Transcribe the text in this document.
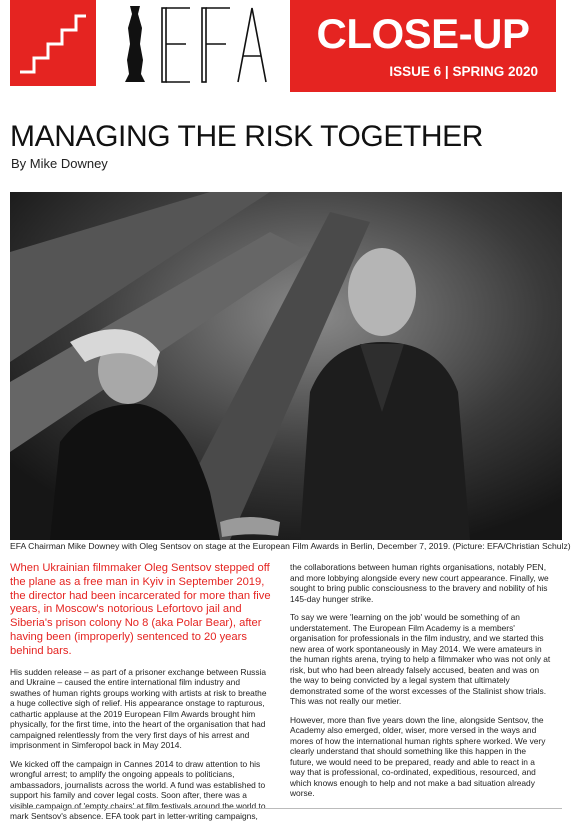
CLOSE-UP
ISSUE 6 | SPRING 2020
MANAGING THE RISK TOGETHER
By Mike Downey
EFA Chairman Mike Downey with Oleg Sentsov on stage at the European Film Awards in Berlin, December 7, 2019. (Picture: EFA/Christian Schulz)

When Ukrainian filmmaker Oleg Sentsov stepped off the plane as a free man in Kyiv in September 2019, the director had been incarcerated for more than five years, in Moscow's notorious Lefortovo jail and Siberia's prison colony No 8 (aka Polar Bear), after having been (improperly) sentenced to 20 years behind bars.

His sudden release – as part of a prisoner exchange between Russia and Ukraine – caused the entire international film industry and swathes of human rights groups working with artists at risk to breathe a huge collective sigh of relief. His appearance onstage to rapturous, cathartic applause at the 2019 European Film Awards brought him physically, for the first time, into the heart of the organisation that had campaigned relentlessly from the very first days of his arrest and imprisonment in Simferopol back in May 2014.

We kicked off the campaign in Cannes 2014 to draw attention to his wrongful arrest; to amplify the ongoing appeals to politicians, ambassadors, journalists across the world. A fund was established to support his family and cover legal costs. Soon after, there was a visible campaign of 'empty chairs' at film festivals around the world to mark Sentsov's absence. EFA took part in letter-writing campaigns,

the collaborations between human rights organisations, notably PEN, and more lobbying alongside every new court appearance. Finally, we sought to bring public consciousness to the bravery and nobility of his 145-day hunger strike.

To say we were 'learning on the job' would be something of an understatement. The European Film Academy is a members' organisation for professionals in the film industry, and we started this new area of work spontaneously in May 2014. We were amateurs in the human rights arena, trying to help a filmmaker who was not only at risk, but who had been already falsely accused, beaten and was on the way to being convicted by a legal system that ultimately demonstrated some of the worst excesses of the Stalinist show trials. This was not really our metier.

However, more than five years down the line, alongside Sentsov, the Academy also emerged, older, wiser, more versed in the ways and mores of how the international human rights sphere worked. We very clearly understand that should something like this happen in the future, we would need to be prepared, ready and able to react in a way that is professional, co-ordinated, expeditious, resourced, and which knows enough to help and not make a bad situation already worse.
